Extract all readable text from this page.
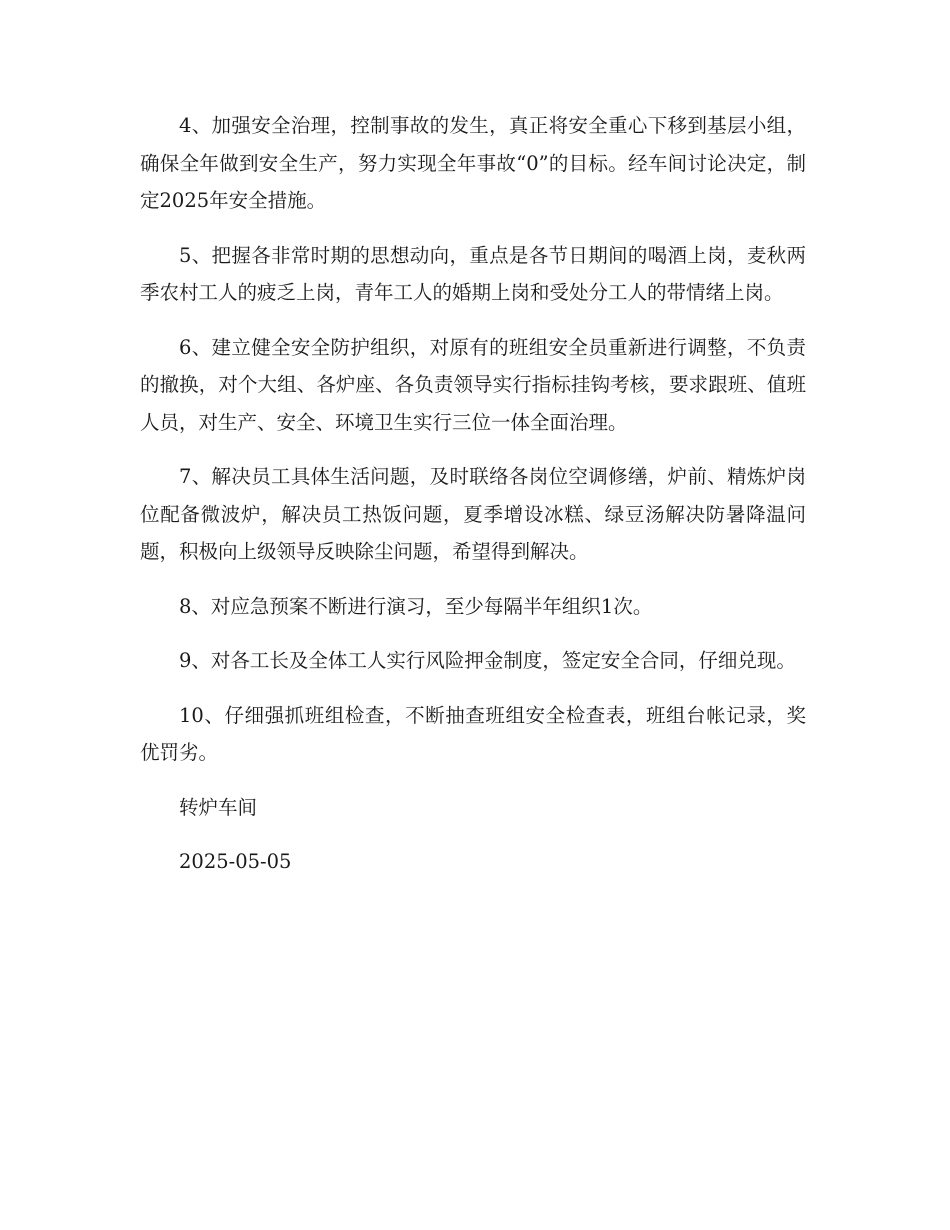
4、加强安全治理，控制事故的发生，真正将安全重心下移到基层小组，确保全年做到安全生产，努力实现全年事故“0”的目标。经车间讨论决定，制定2025年安全措施。

5、把握各非常时期的思想动向，重点是各节日期间的喝酒上岗，麦秋两季农村工人的疲乏上岗，青年工人的婚期上岗和受处分工人的带情绪上岗。

6、建立健全安全防护组织，对原有的班组安全员重新进行调整，不负责的撤换，对个大组、各炉座、各负责领导实行指标挂钩考核，要求跟班、值班人员，对生产、安全、环境卫生实行三位一体全面治理。

7、解决员工具体生活问题，及时联络各岗位空调修缮，炉前、精炼炉岗位配备微波炉，解决员工热饭问题，夏季增设冰糕、绿豆汤解决防暑降温问题，积极向上级领导反映除尘问题，希望得到解决。

8、对应急预案不断进行演习，至少每隔半年组织1次。

9、对各工长及全体工人实行风险押金制度，签定安全合同，仔细兑现。

10、仔细强抓班组检查，不断抽查班组安全检查表，班组台帐记录，奖优罚劣。

转炉车间

2025-05-05
